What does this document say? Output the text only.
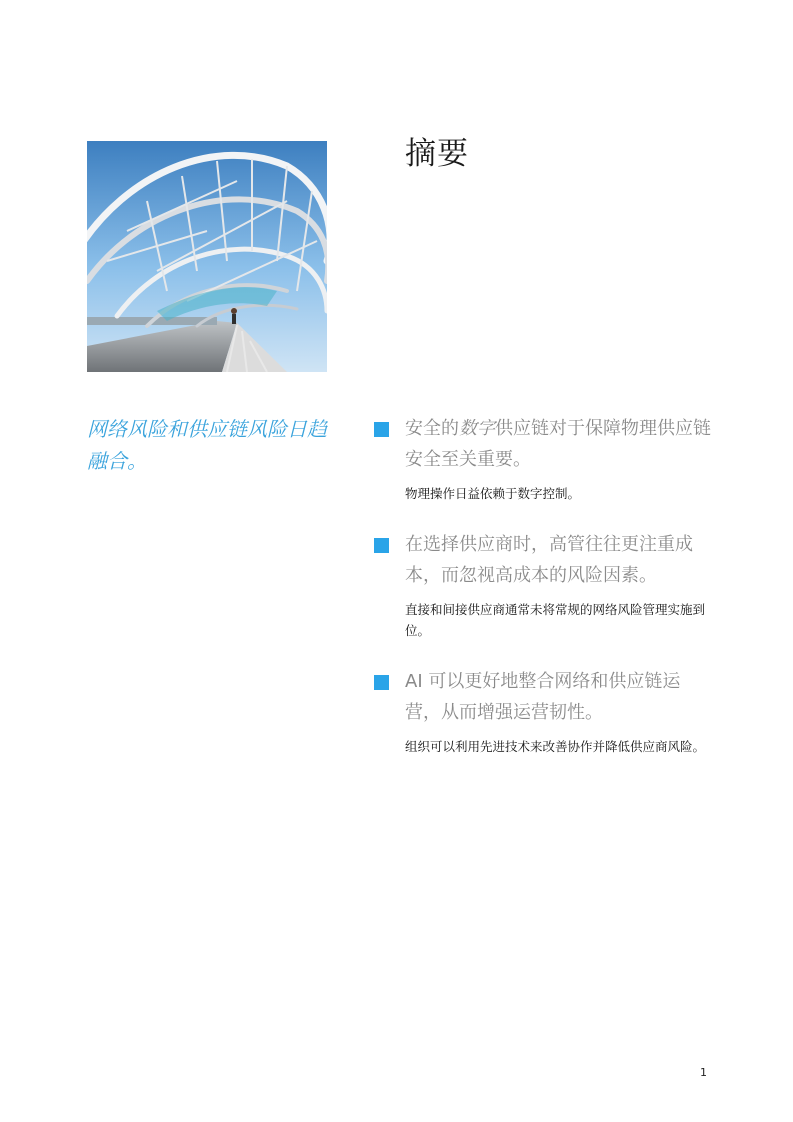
摘要

网络风险和供应链风险日趋融合。

安全的数字供应链对于保障物理供应链安全至关重要。

物理操作日益依赖于数字控制。

在选择供应商时，高管往往更注重成本，而忽视高成本的风险因素。

直接和间接供应商通常未将常规的网络风险管理实施到位。

AI 可以更好地整合网络和供应链运营，从而增强运营韧性。

组织可以利用先进技术来改善协作并降低供应商风险。

1
